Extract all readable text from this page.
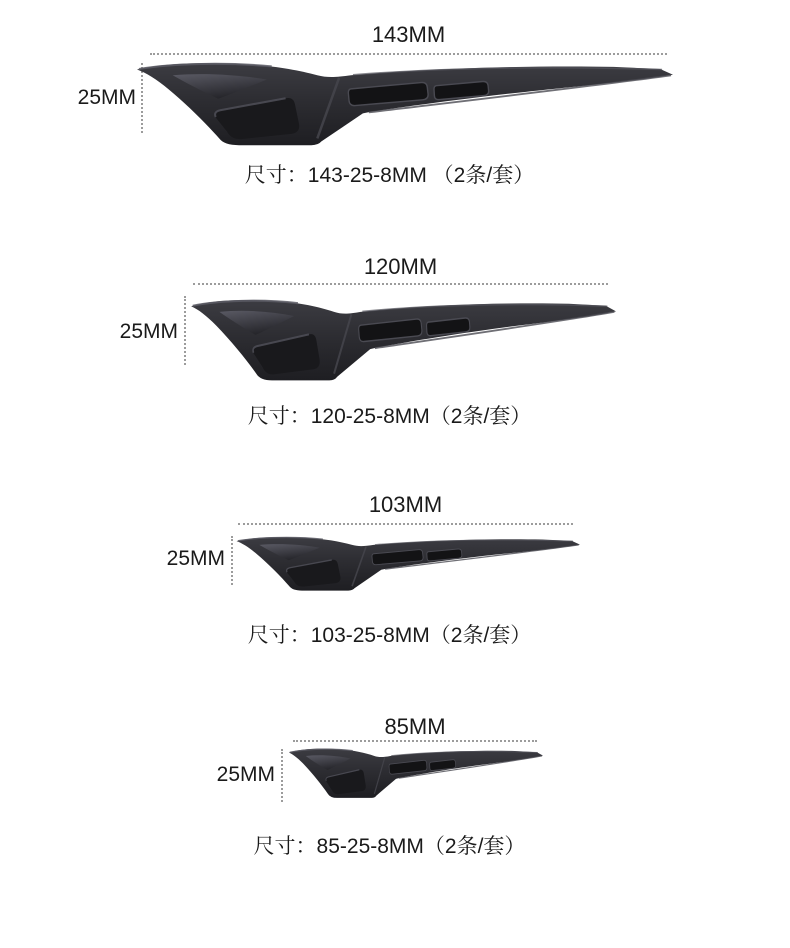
143MM
25MM
尺寸：143-25-8MM （2条/套）
120MM
25MM
尺寸：120-25-8MM（2条/套）
103MM
25MM
尺寸：103-25-8MM（2条/套）
85MM
25MM
尺寸：85-25-8MM（2条/套）
